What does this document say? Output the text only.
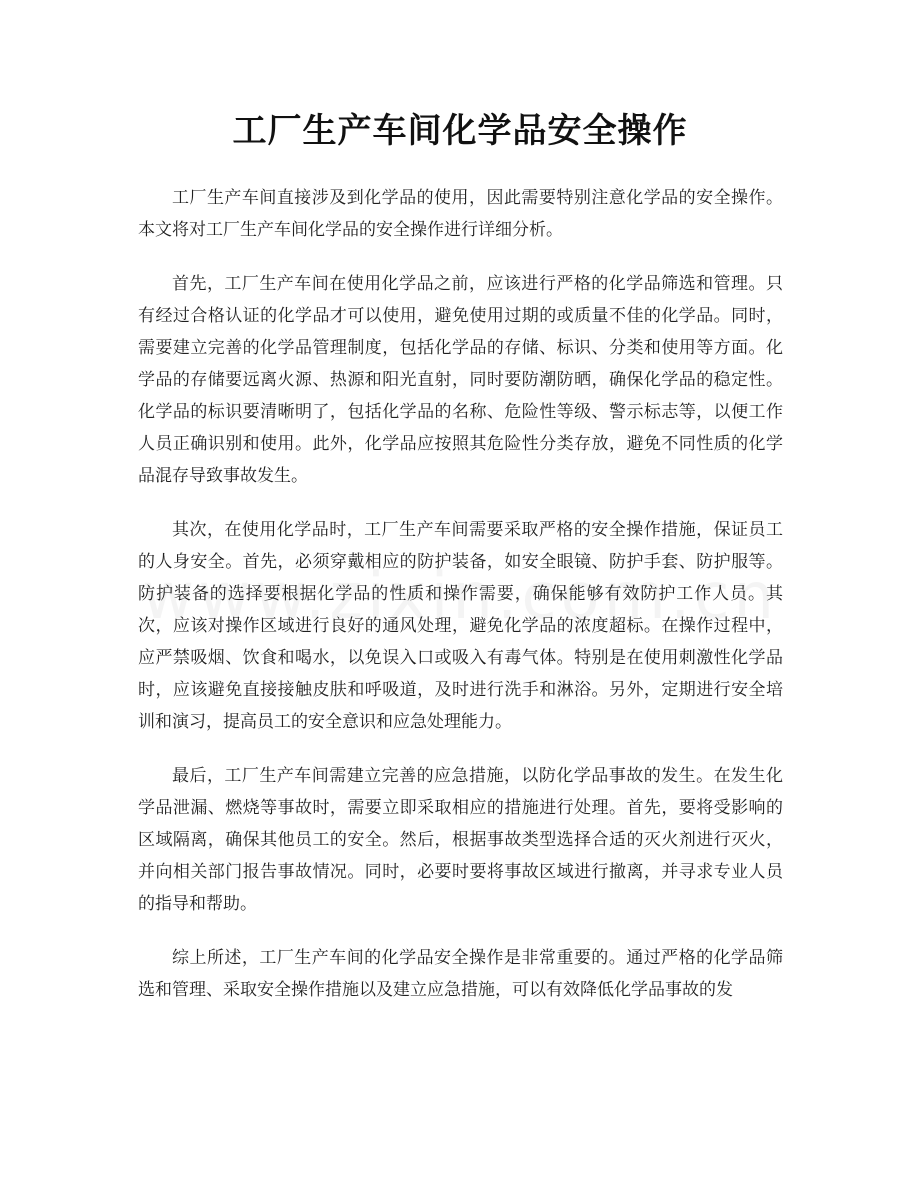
工厂生产车间化学品安全操作

工厂生产车间直接涉及到化学品的使用，因此需要特别注意化学品的安全操作。本文将对工厂生产车间化学品的安全操作进行详细分析。

首先，工厂生产车间在使用化学品之前，应该进行严格的化学品筛选和管理。只有经过合格认证的化学品才可以使用，避免使用过期的或质量不佳的化学品。同时，需要建立完善的化学品管理制度，包括化学品的存储、标识、分类和使用等方面。化学品的存储要远离火源、热源和阳光直射，同时要防潮防晒，确保化学品的稳定性。化学品的标识要清晰明了，包括化学品的名称、危险性等级、警示标志等，以便工作人员正确识别和使用。此外，化学品应按照其危险性分类存放，避免不同性质的化学品混存导致事故发生。

其次，在使用化学品时，工厂生产车间需要采取严格的安全操作措施，保证员工的人身安全。首先，必须穿戴相应的防护装备，如安全眼镜、防护手套、防护服等。防护装备的选择要根据化学品的性质和操作需要，确保能够有效防护工作人员。其次，应该对操作区域进行良好的通风处理，避免化学品的浓度超标。在操作过程中，应严禁吸烟、饮食和喝水，以免误入口或吸入有毒气体。特别是在使用刺激性化学品时，应该避免直接接触皮肤和呼吸道，及时进行洗手和淋浴。另外，定期进行安全培训和演习，提高员工的安全意识和应急处理能力。

最后，工厂生产车间需建立完善的应急措施，以防化学品事故的发生。在发生化学品泄漏、燃烧等事故时，需要立即采取相应的措施进行处理。首先，要将受影响的区域隔离，确保其他员工的安全。然后，根据事故类型选择合适的灭火剂进行灭火，并向相关部门报告事故情况。同时，必要时要将事故区域进行撤离，并寻求专业人员的指导和帮助。

综上所述，工厂生产车间的化学品安全操作是非常重要的。通过严格的化学品筛选和管理、采取安全操作措施以及建立应急措施，可以有效降低化学品事故的发
